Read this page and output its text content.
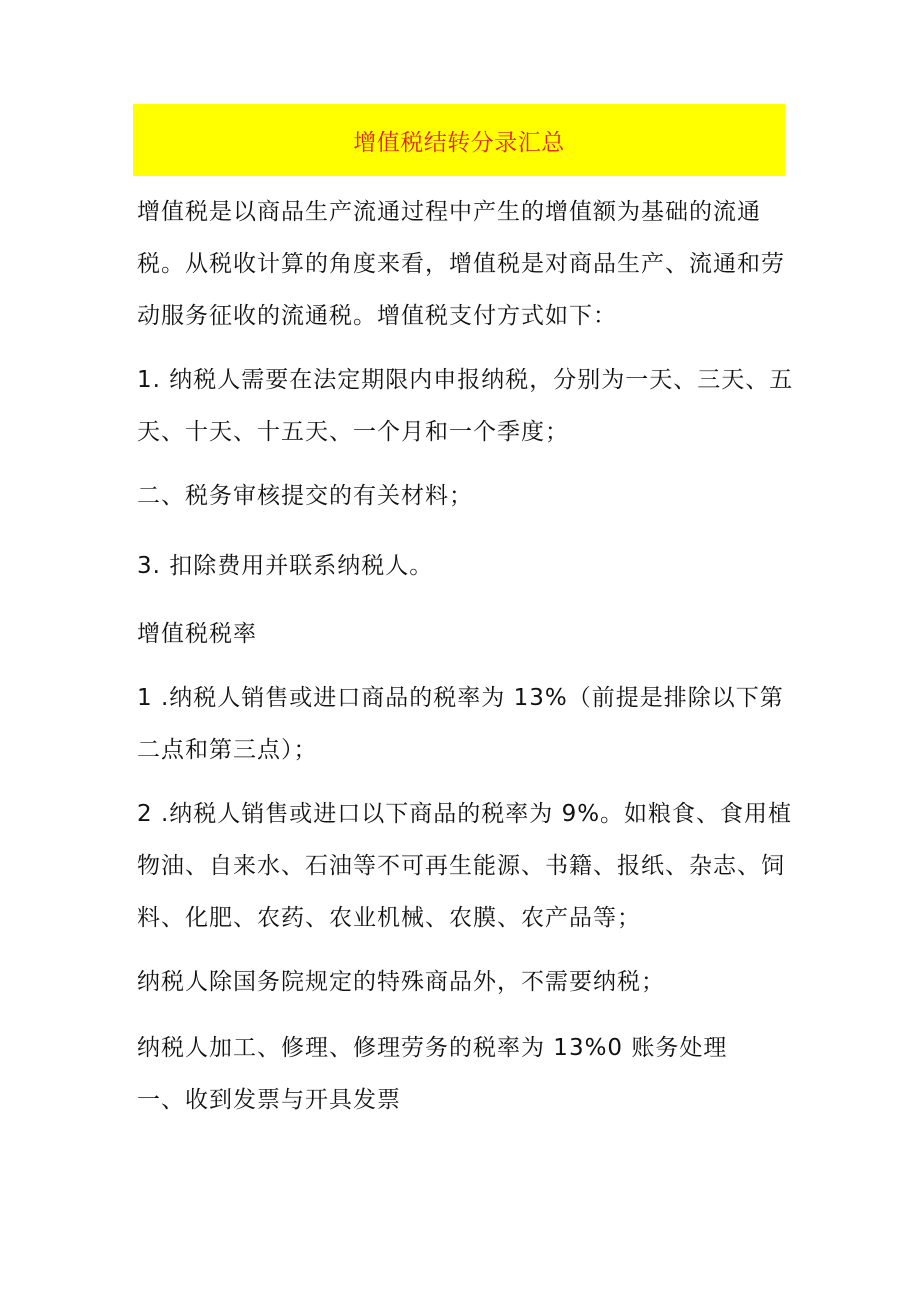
增值税结转分录汇总

增值税是以商品生产流通过程中产生的增值额为基础的流通
税。从税收计算的角度来看，增值税是对商品生产、流通和劳
动服务征收的流通税。增值税支付方式如下：

1. 纳税人需要在法定期限内申报纳税，分别为一天、三天、五
天、十天、十五天、一个月和一个季度；

二、税务审核提交的有关材料；

3. 扣除费用并联系纳税人。

增值税税率

1 .纳税人销售或进口商品的税率为 13%（前提是排除以下第
二点和第三点）；

2 .纳税人销售或进口以下商品的税率为 9%。如粮食、食用植
物油、自来水、石油等不可再生能源、书籍、报纸、杂志、饲
料、化肥、农药、农业机械、农膜、农产品等；

纳税人除国务院规定的特殊商品外，不需要纳税；

纳税人加工、修理、修理劳务的税率为 13%0 账务处理

一、收到发票与开具发票
